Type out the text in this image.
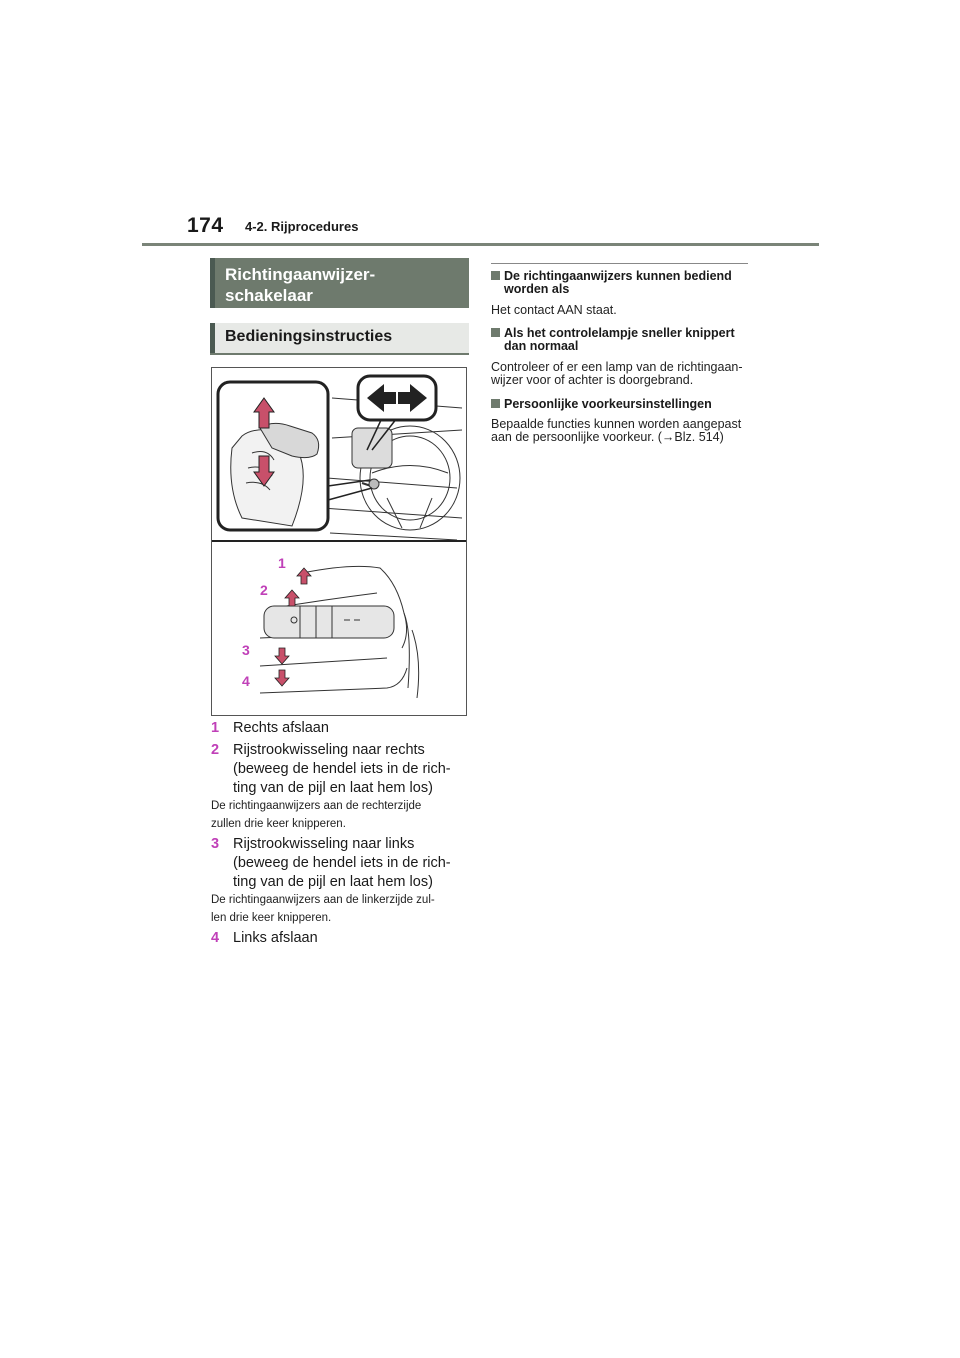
174 4-2. Rijprocedures
Richtingaanwijzer-
schakelaar
Bedieningsinstructies
1
2
3
4
1 Rechts afslaan
2 Rijstrookwisseling naar rechts
(beweeg de hendel iets in de rich-
ting van de pijl en laat hem los)
De richtingaanwijzers aan de rechterzijde
zullen drie keer knipperen.
3 Rijstrookwisseling naar links
(beweeg de hendel iets in de rich-
ting van de pijl en laat hem los)
De richtingaanwijzers aan de linkerzijde zul-
len drie keer knipperen.
4 Links afslaan
De richtingaanwijzers kunnen bediend
worden als
Het contact AAN staat.
Als het controlelampje sneller knippert
dan normaal
Controleer of er een lamp van de richtingaan-
wijzer voor of achter is doorgebrand.
Persoonlijke voorkeursinstellingen
Bepaalde functies kunnen worden aangepast
aan de persoonlijke voorkeur. (→Blz. 514)
